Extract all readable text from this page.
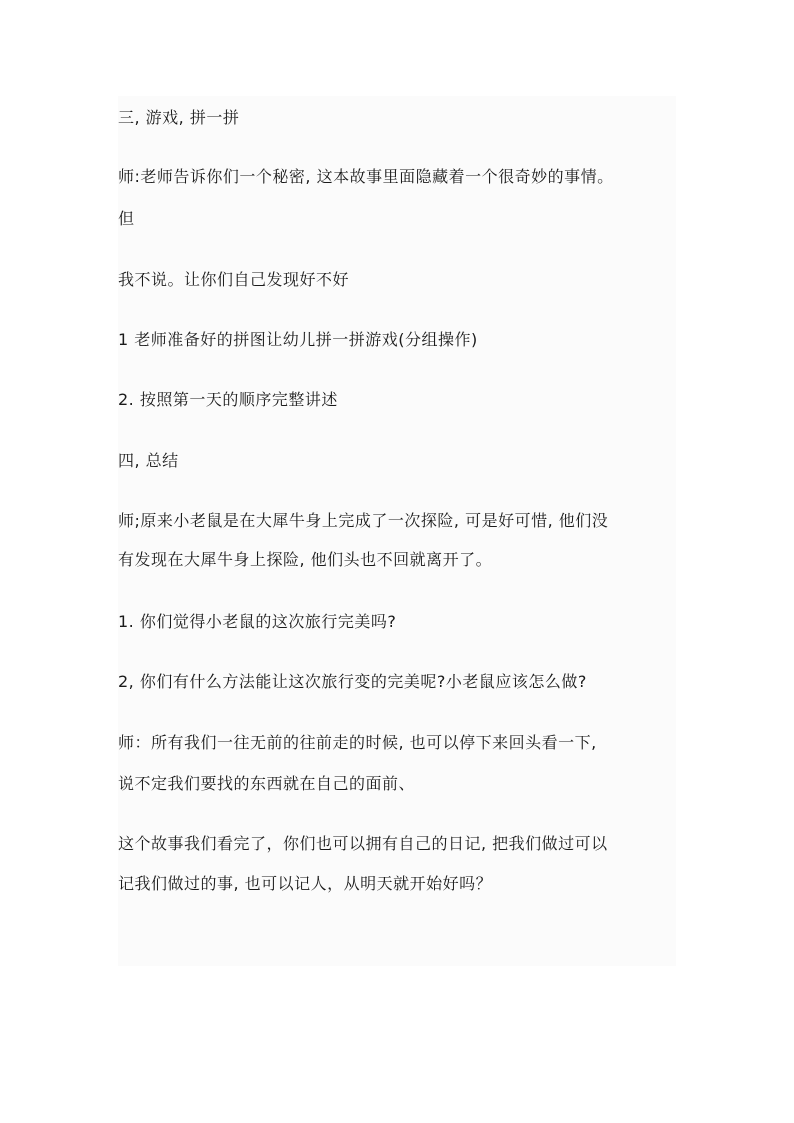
三, 游戏, 拼一拼
师:老师告诉你们一个秘密, 这本故事里面隐藏着一个很奇妙的事情。
但
我不说。让你们自己发现好不好
1 老师准备好的拼图让幼儿拼一拼游戏(分组操作)
2. 按照第一天的顺序完整讲述
四, 总结
师;原来小老鼠是在大犀牛身上完成了一次探险, 可是好可惜, 他们没
有发现在大犀牛身上探险, 他们头也不回就离开了。
1. 你们觉得小老鼠的这次旅行完美吗?
2, 你们有什么方法能让这次旅行变的完美呢?小老鼠应该怎么做?
师：所有我们一往无前的往前走的时候, 也可以停下来回头看一下,
说不定我们要找的东西就在自己的面前、
这个故事我们看完了，你们也可以拥有自己的日记, 把我们做过可以
记我们做过的事, 也可以记人，从明天就开始好吗？
